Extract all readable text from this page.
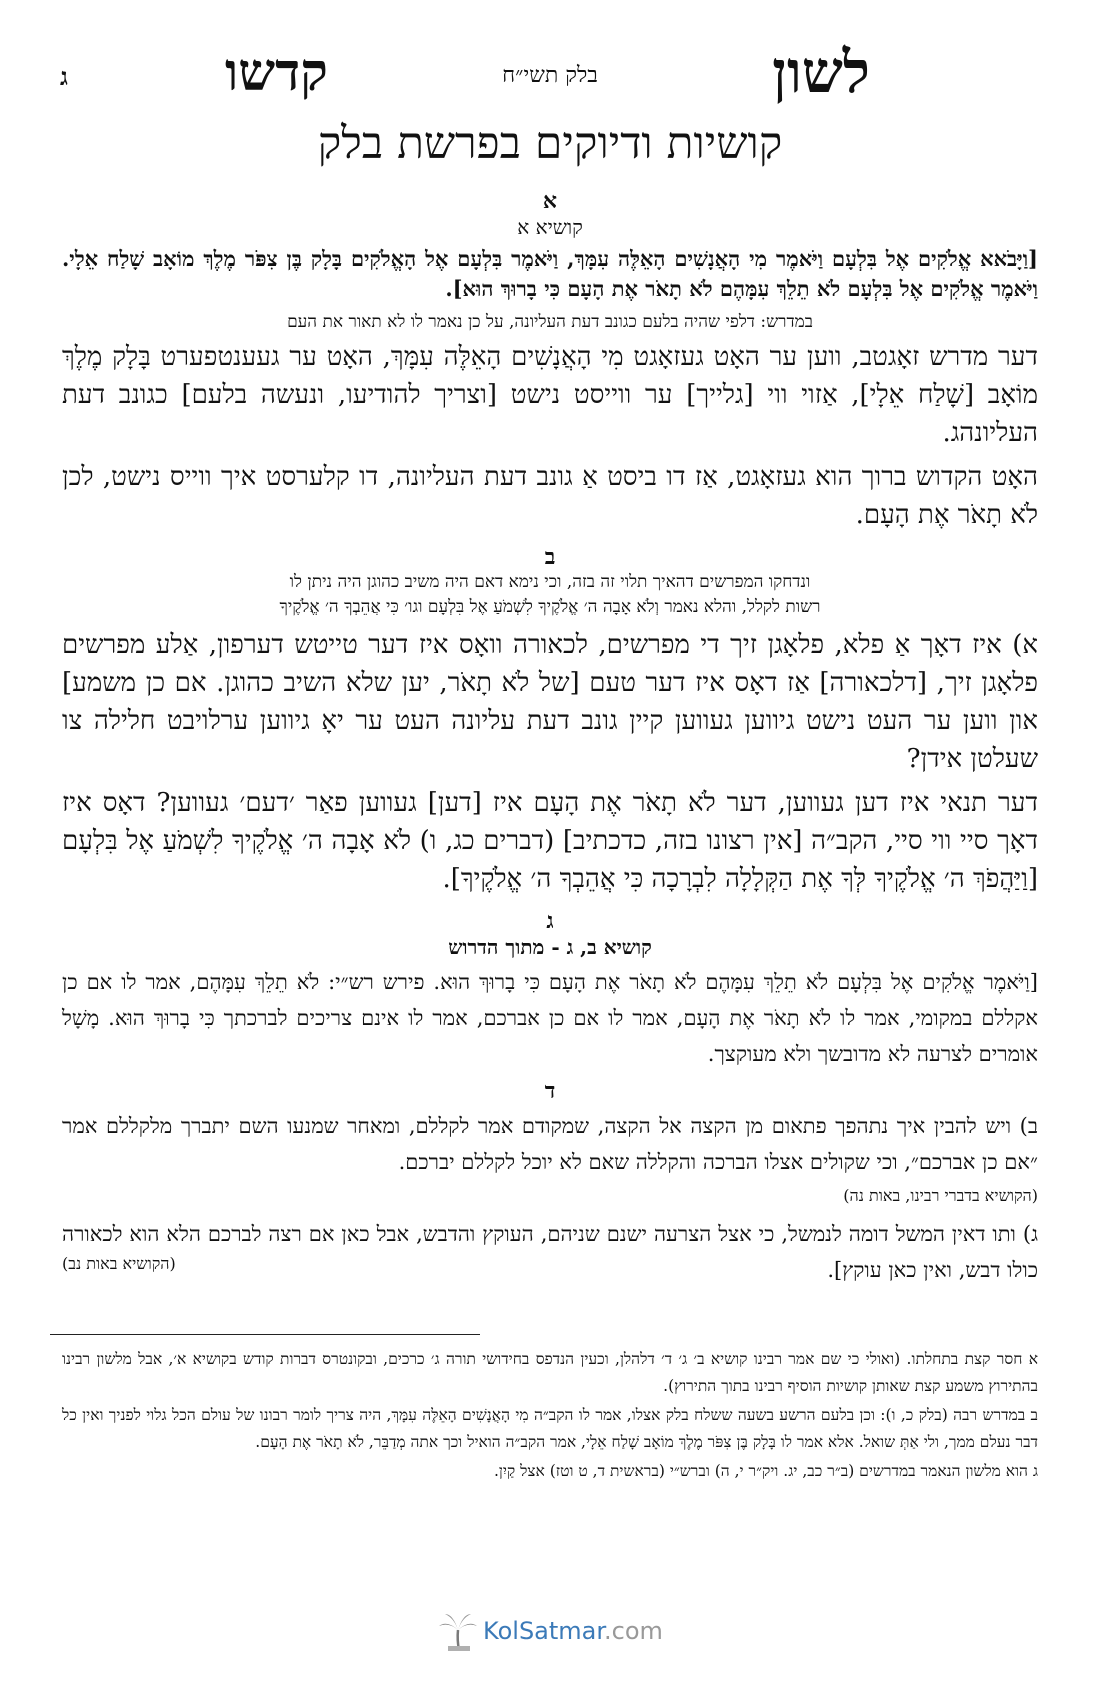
לשון
קדשו	בלק תשי״ח
ג
קושיות ודיוקים בפרשת בלק

א

קושיא א

[וַיָּבֹאא אֱלֹקִים אֶל בִּלְעָם וַיֹּאמֶר מִי הָאֲנָשִׁים הָאֵלֶּה עִמָּךְ, וַיֹּאמֶר בִּלְעָם אֶל הָאֱלֹקִים בָּלָק בֶּן צִפֹּר מֶלֶךְ מוֹאָב שָׁלַח אֵלָי. וַיֹּאמֶר אֱלֹקִים אֶל בִּלְעָם לֹא תֵלֵךְ עִמָּהֶם לֹא תָאֹר אֶת הָעָם כִּי בָרוּךְ הוּא].

במדרש: דלפי שהיה בלעם כגונב דעת העליונה, על כן נאמר לו לא תאור את העם

דער מדרש זאָגטב, ווען ער האָט געזאָגט מִי הָאֲנָשִׁים הָאֵלֶּה עִמָּךְ, האָט ער געענטפערט בָּלָק מֶלֶךְ מוֹאָב [שָׁלַח אֵלָי], אַזוי ווי [גלייך] ער ווייסט נישט [וצריך להודיעו, ונעשה בלעם] כגונב דעת העליונהג.

האָט הקדוש ברוך הוא געזאָגט, אַז דו ביסט אַ גונב דעת העליונה, דו קלערסט איך ווייס נישט, לכן לֹא תָאֹר אֶת הָעָם.

ב

ונדחקו המפרשים דהאיך תלוי זה בזה, וכי נימא דאם היה משיב כהוגן היה ניתן לו

רשות לקלל, והלא נאמר וְלֹא אָבָה ה׳ אֱלֹקֶיךָ לִשְׁמֹעַ אֶל בִּלְעָם וגו׳ כִּי אֲהֵבְךָ ה׳ אֱלֹקֶיךָ

א) איז דאָך אַ פלא, פלאָגן זיך די מפרשים, לכאורה וואָס איז דער טייטש דערפון, אַלע מפרשים פלאָגן זיך, [דלכאורה] אַז דאָס איז דער טעם [של לֹא תָאֹר, יען שלא השיב כהוגן. אם כן משמע] און ווען ער העט נישט גיווען געווען קיין גונב דעת עליונה העט ער יאָ גיווען ערלויבט חלילה צו שעלטן אידן?

דער תנאי איז דען געווען, דער לֹא תָאֹר אֶת הָעָם איז [דען] געווען פאַר ׳דעם׳ געווען? דאָס איז דאָך סיי ווי סיי, הקב״ה [אין רצונו בזה, כדכתיב] (דברים כג, ו) לֹא אָבָה ה׳ אֱלֹקֶיךָ לִשְׁמֹעַ אֶל בִּלְעָם [וַיַּהֲפֹךְ ה׳ אֱלֹקֶיךָ לְּךָ אֶת הַקְּלָלָה לִבְרָכָה כִּי אֲהֵבְךָ ה׳ אֱלֹקֶיךָ].

ג

קושיא ב, ג - מתוך הדרוש

[וַיֹּאמֶר אֱלֹקִים אֶל בִּלְעָם לֹא תֵלֵךְ עִמָּהֶם לֹא תָאֹר אֶת הָעָם כִּי בָרוּךְ הוּא. פירש רש״י: לֹא תֵלֵךְ עִמָּהֶם, אמר לו אם כן אקללם במקומי, אמר לו לֹא תָאֹר אֶת הָעָם, אמר לו אם כן אברכם, אמר לו אינם צריכים לברכתך כִּי בָרוּךְ הוּא. מָשָׁל אומרים לצרעה לא מדובשך ולא מעוקצך.

ד

ב) ויש להבין איך נתהפך פתאום מן הקצה אל הקצה, שמקודם אמר לקללם, ומאחר שמנעו השם יתברך מלקללם אמר ״אם כן אברכם״, וכי שקולים אצלו הברכה והקללה שאם לא יוכל לקללם יברכם.

(הקושיא בדברי רבינו, באות נה)

ג) ותו דאין המשל דומה לנמשל, כי אצל הצרעה ישנם שניהם, העוקץ והדבש, אבל כאן אם רצה לברכם הלא הוא לכאורה כולו דבש, ואין כאן עוקץ].

(הקושיא באות נב)

א חסר קצת בתחלתו. (ואולי כי שם אמר רבינו קושיא ב׳ ג׳ ד׳ דלהלן, וכעין הנדפס בחידושי תורה ג׳ כרכים, ובקונטרס דברות קודש בקושיא א׳, אבל מלשון רבינו בהתירוץ משמע קצת שאותן קושיות הוסיף רבינו בתוך התירוץ).

ב במדרש רבה (בלק כ, ו): וכן בלעם הרשע בשעה ששלח בלק אצלו, אמר לו הקב״ה מִי הָאֲנָשִׁים הָאֵלֶּה עִמָּךְ, היה צריך לומר רבונו של עולם הכל גלוי לפניך ואין כל דבר נעלם ממך, ולי אַתְּ שואל. אלא אמר לו בָּלָק בֶּן צִפֹּר מֶלֶךְ מוֹאָב שָׁלַח אֵלָי, אמר הקב״ה הואיל וכך אתה מְדַבֵּר, לֹא תָאֹר אֶת הָעָם.

ג הוא מלשון הנאמר במדרשים (ב״ר כב, יג. ויק״ר י, ה) וברש״י (בראשית ד, ט וטז) אצל קַיִן.

KolSatmar.com
